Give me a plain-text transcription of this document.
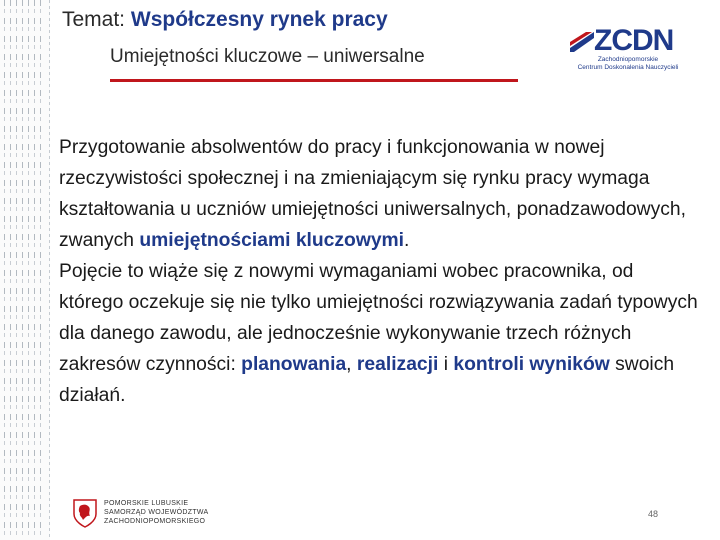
Temat: Współczesny rynek pracy
Umiejętności kluczowe – uniwersalne	ZCDN
Zachodniopomorskie
Centrum Doskonalenia Nauczycieli

Przygotowanie absolwentów do pracy i funkcjonowania w nowej rzeczywistości społecznej i na zmieniającym się rynku pracy wymaga kształtowania u uczniów umiejętności uniwersalnych, ponadzawodowych, zwanych umiejętnościami kluczowymi.

Pojęcie to wiąże się z nowymi wymaganiami wobec pracownika, od którego oczekuje się nie tylko umiejętności rozwiązywania zadań typowych dla danego zawodu, ale jednocześnie wykonywanie trzech różnych zakresów czynności: planowania, realizacji i kontroli wyników swoich działań.

POMORSKIE LUBUSKIE
SAMORZĄD WOJEWÓDZTWA
ZACHODNIOPOMORSKIEGO
48
